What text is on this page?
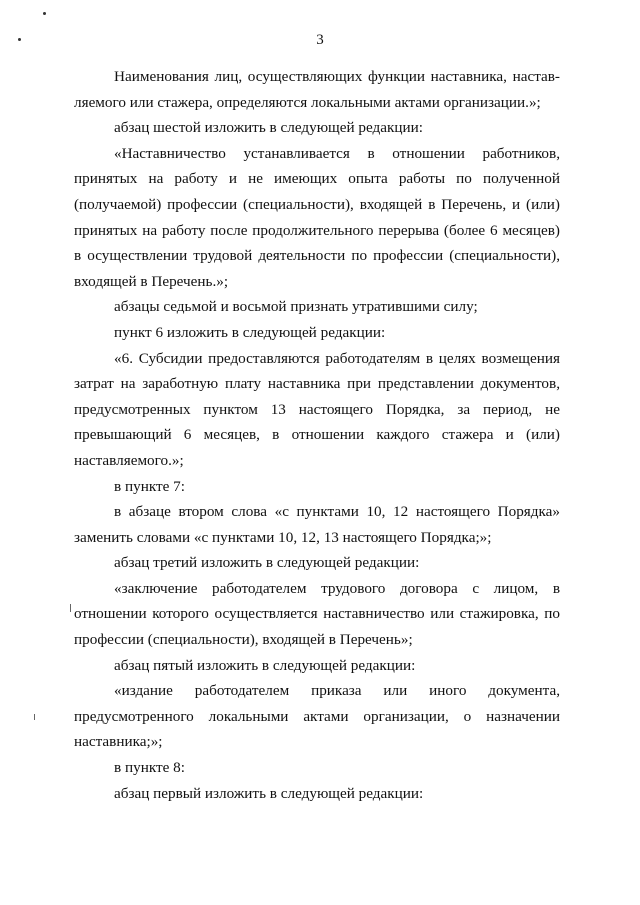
3

Наименования лиц, осуществляющих функции наставника, настав-ляемого или стажера, определяются локальными актами организации.»;

абзац шестой изложить в следующей редакции:

«Наставничество устанавливается в отношении работников, принятых на работу и не имеющих опыта работы по полученной (получаемой) профессии (специальности), входящей в Перечень, и (или) принятых на работу после продолжительного перерыва (более 6 месяцев) в осуществлении трудовой деятельности по профессии (специальности), входящей в Перечень.»;

абзацы седьмой и восьмой признать утратившими силу;

пункт 6 изложить в следующей редакции:

«6. Субсидии предоставляются работодателям в целях возмещения затрат на заработную плату наставника при представлении документов, предусмотренных пунктом 13 настоящего Порядка, за период, не превышающий 6 месяцев, в отношении каждого стажера и (или) наставляемого.»;

в пункте 7:

в абзаце втором слова «с пунктами 10, 12 настоящего Порядка» заменить словами «с пунктами 10, 12, 13 настоящего Порядка;»;

абзац третий изложить в следующей редакции:

«заключение работодателем трудового договора с лицом, в отношении которого осуществляется наставничество или стажировка, по профессии (специальности), входящей в Перечень»;

абзац пятый изложить в следующей редакции:

«издание работодателем приказа или иного документа, предусмотренного локальными актами организации, о назначении наставника;»;

в пункте 8:

абзац первый изложить в следующей редакции:
